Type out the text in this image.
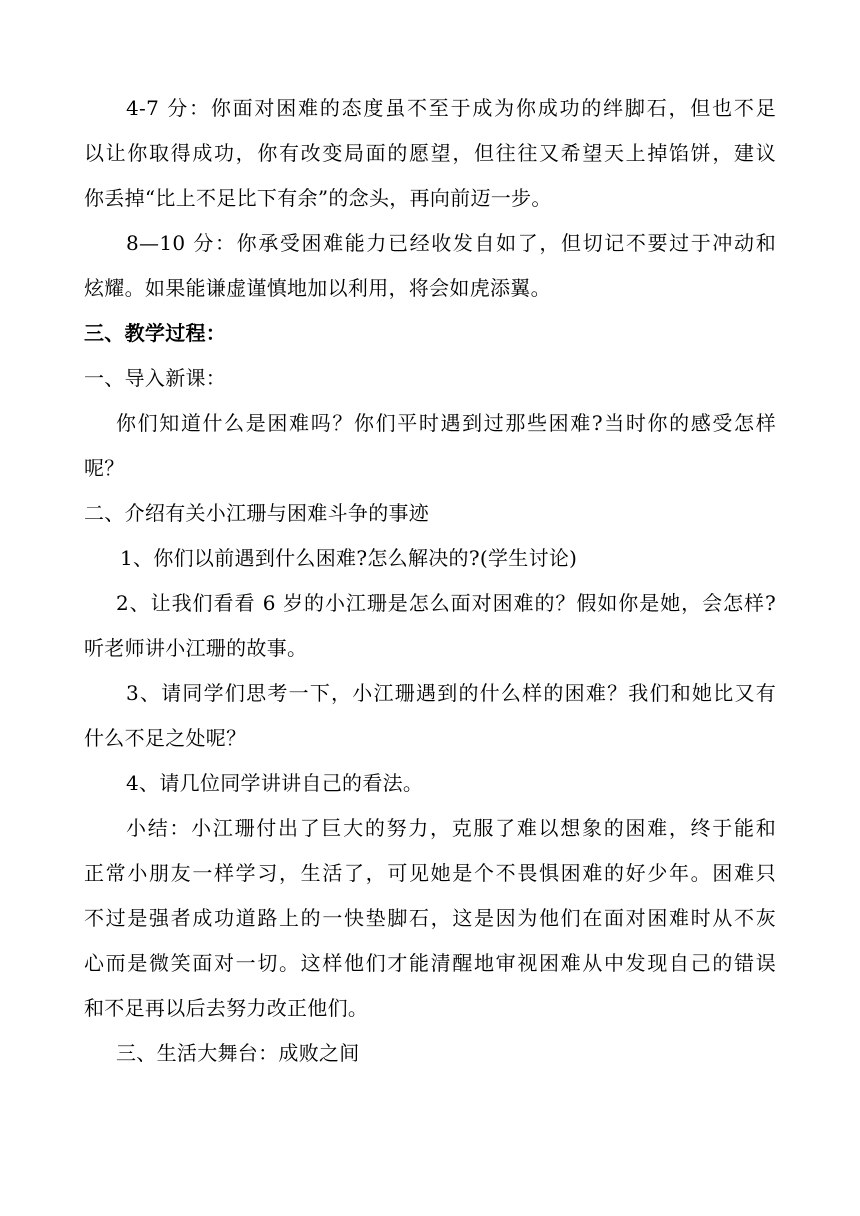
4-7 分：你面对困难的态度虽不至于成为你成功的绊脚石，但也不足
以让你取得成功，你有改变局面的愿望，但往往又希望天上掉馅饼，建议
你丢掉“比上不足比下有余”的念头，再向前迈一步。
8—10 分：你承受困难能力已经收发自如了，但切记不要过于冲动和
炫耀。如果能谦虚谨慎地加以利用，将会如虎添翼。
三、教学过程：
一、导入新课：
你们知道什么是困难吗？你们平时遇到过那些困难?当时你的感受怎样
呢？
二、介绍有关小江珊与困难斗争的事迹
1、你们以前遇到什么困难?怎么解决的?(学生讨论)
2、让我们看看 6 岁的小江珊是怎么面对困难的？假如你是她，会怎样?
听老师讲小江珊的故事。
3、请同学们思考一下，小江珊遇到的什么样的困难？我们和她比又有
什么不足之处呢？
4、请几位同学讲讲自己的看法。
小结：小江珊付出了巨大的努力，克服了难以想象的困难，终于能和
正常小朋友一样学习，生活了，可见她是个不畏惧困难的好少年。困难只
不过是强者成功道路上的一快垫脚石，这是因为他们在面对困难时从不灰
心而是微笑面对一切。这样他们才能清醒地审视困难从中发现自己的错误
和不足再以后去努力改正他们。
三、生活大舞台：成败之间
